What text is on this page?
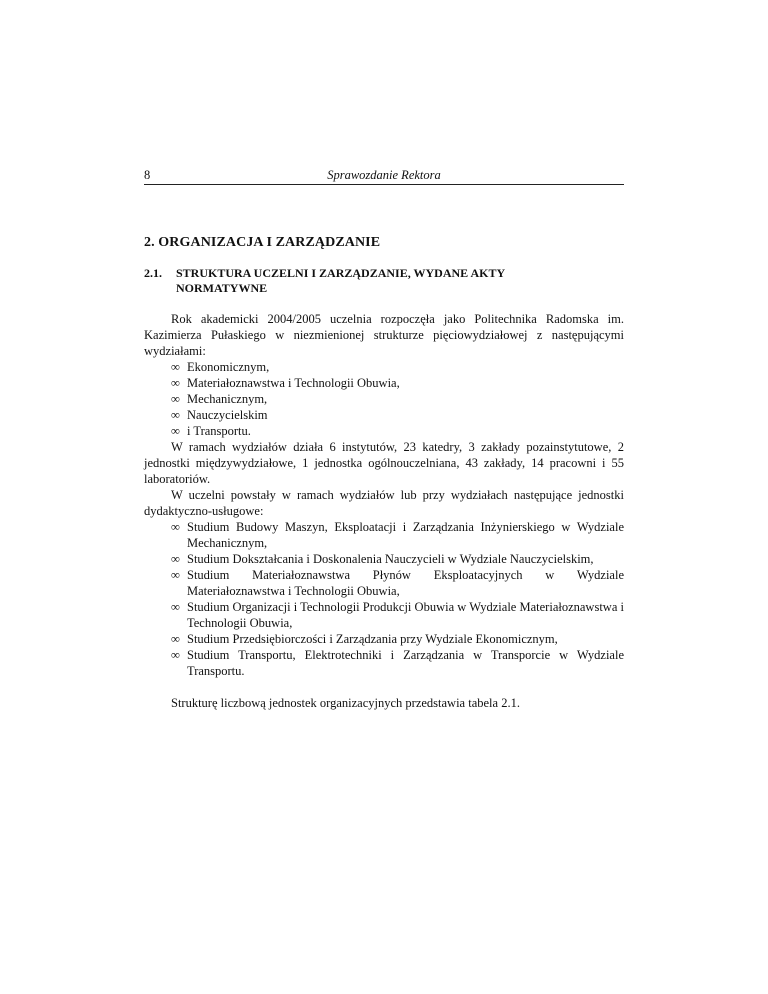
8	Sprawozdanie Rektora
2. ORGANIZACJA I ZARZĄDZANIE
2.1. STRUKTURA UCZELNI I ZARZĄDZANIE, WYDANE AKTY
NORMATYWNE

Rok akademicki 2004/2005 uczelnia rozpoczęła jako Politechnika Radomska im. Kazimierza Pułaskiego w niezmienionej strukturze pięciowydziałowej z następującymi wydziałami:

∞ Ekonomicznym,
∞ Materiałoznawstwa i Technologii Obuwia,
∞ Mechanicznym,
∞ Nauczycielskim
∞ i Transportu.

W ramach wydziałów działa 6 instytutów, 23 katedry, 3 zakłady pozainstytutowe, 2 jednostki międzywydziałowe, 1 jednostka ogólnouczelniana, 43 zakłady, 14 pracowni i 55 laboratoriów.

W uczelni powstały w ramach wydziałów lub przy wydziałach następujące jednostki dydaktyczno-usługowe:

∞ Studium Budowy Maszyn, Eksploatacji i Zarządzania Inżynierskiego w Wydziale Mechanicznym,
∞ Studium Dokształcania i Doskonalenia Nauczycieli w Wydziale Nauczycielskim,
∞ Studium Materiałoznawstwa Płynów Eksploatacyjnych w Wydziale Materiałoznawstwa i Technologii Obuwia,
∞ Studium Organizacji i Technologii Produkcji Obuwia w Wydziale Materiałoznawstwa i Technologii Obuwia,
∞ Studium Przedsiębiorczości i Zarządzania przy Wydziale Ekonomicznym,
∞ Studium Transportu, Elektrotechniki i Zarządzania w Transporcie w Wydziale Transportu.

Strukturę liczbową jednostek organizacyjnych przedstawia tabela 2.1.
